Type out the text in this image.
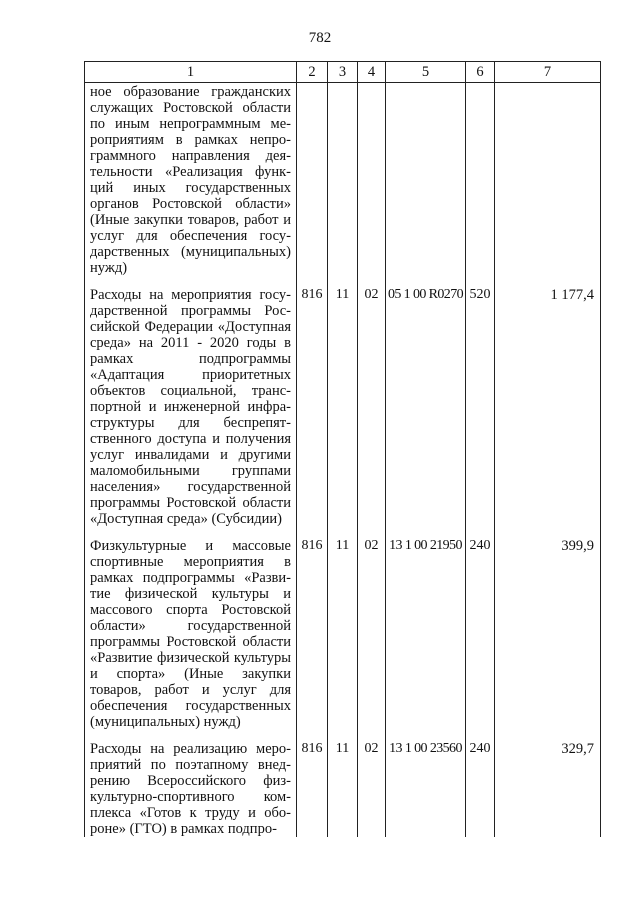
782
1	2	3	4	5	6	7
ное образование гражданских служащих Ростовской области по иным непрограммным мероприятиям в рамках непрограммного направления деятельности «Реализация функций иных государственных органов Ростовской области» (Иные закупки товаров, работ и услуг для обеспечения государственных (муниципальных) нужд)						
Расходы на мероприятия государственной программы Российской Федерации «Доступная среда» на 2011 - 2020 годы в рамках подпрограммы «Адаптация приоритетных объектов социальной, транспортной и инженерной инфраструктуры для беспрепятственного доступа и получения услуг инвалидами и другими маломобильными группами населения» государственной программы Ростовской области «Доступная среда» (Субсидии)	816	11	02	05 1 00 R0270	520	1 177,4
Физкультурные и массовые спортивные мероприятия в рамках подпрограммы «Развитие физической культуры и массового спорта Ростовской области» государственной программы Ростовской области «Развитие физической культуры и спорта» (Иные закупки товаров, работ и услуг для обеспечения государственных (муниципальных) нужд)	816	11	02	13 1 00 21950	240	399,9
Расходы на реализацию мероприятий по поэтапному внедрению Всероссийского физкультурно-спортивного комплекса «Готов к труду и обороне» (ГТО) в рамках подпро-	816	11	02	13 1 00 23560	240	329,7
